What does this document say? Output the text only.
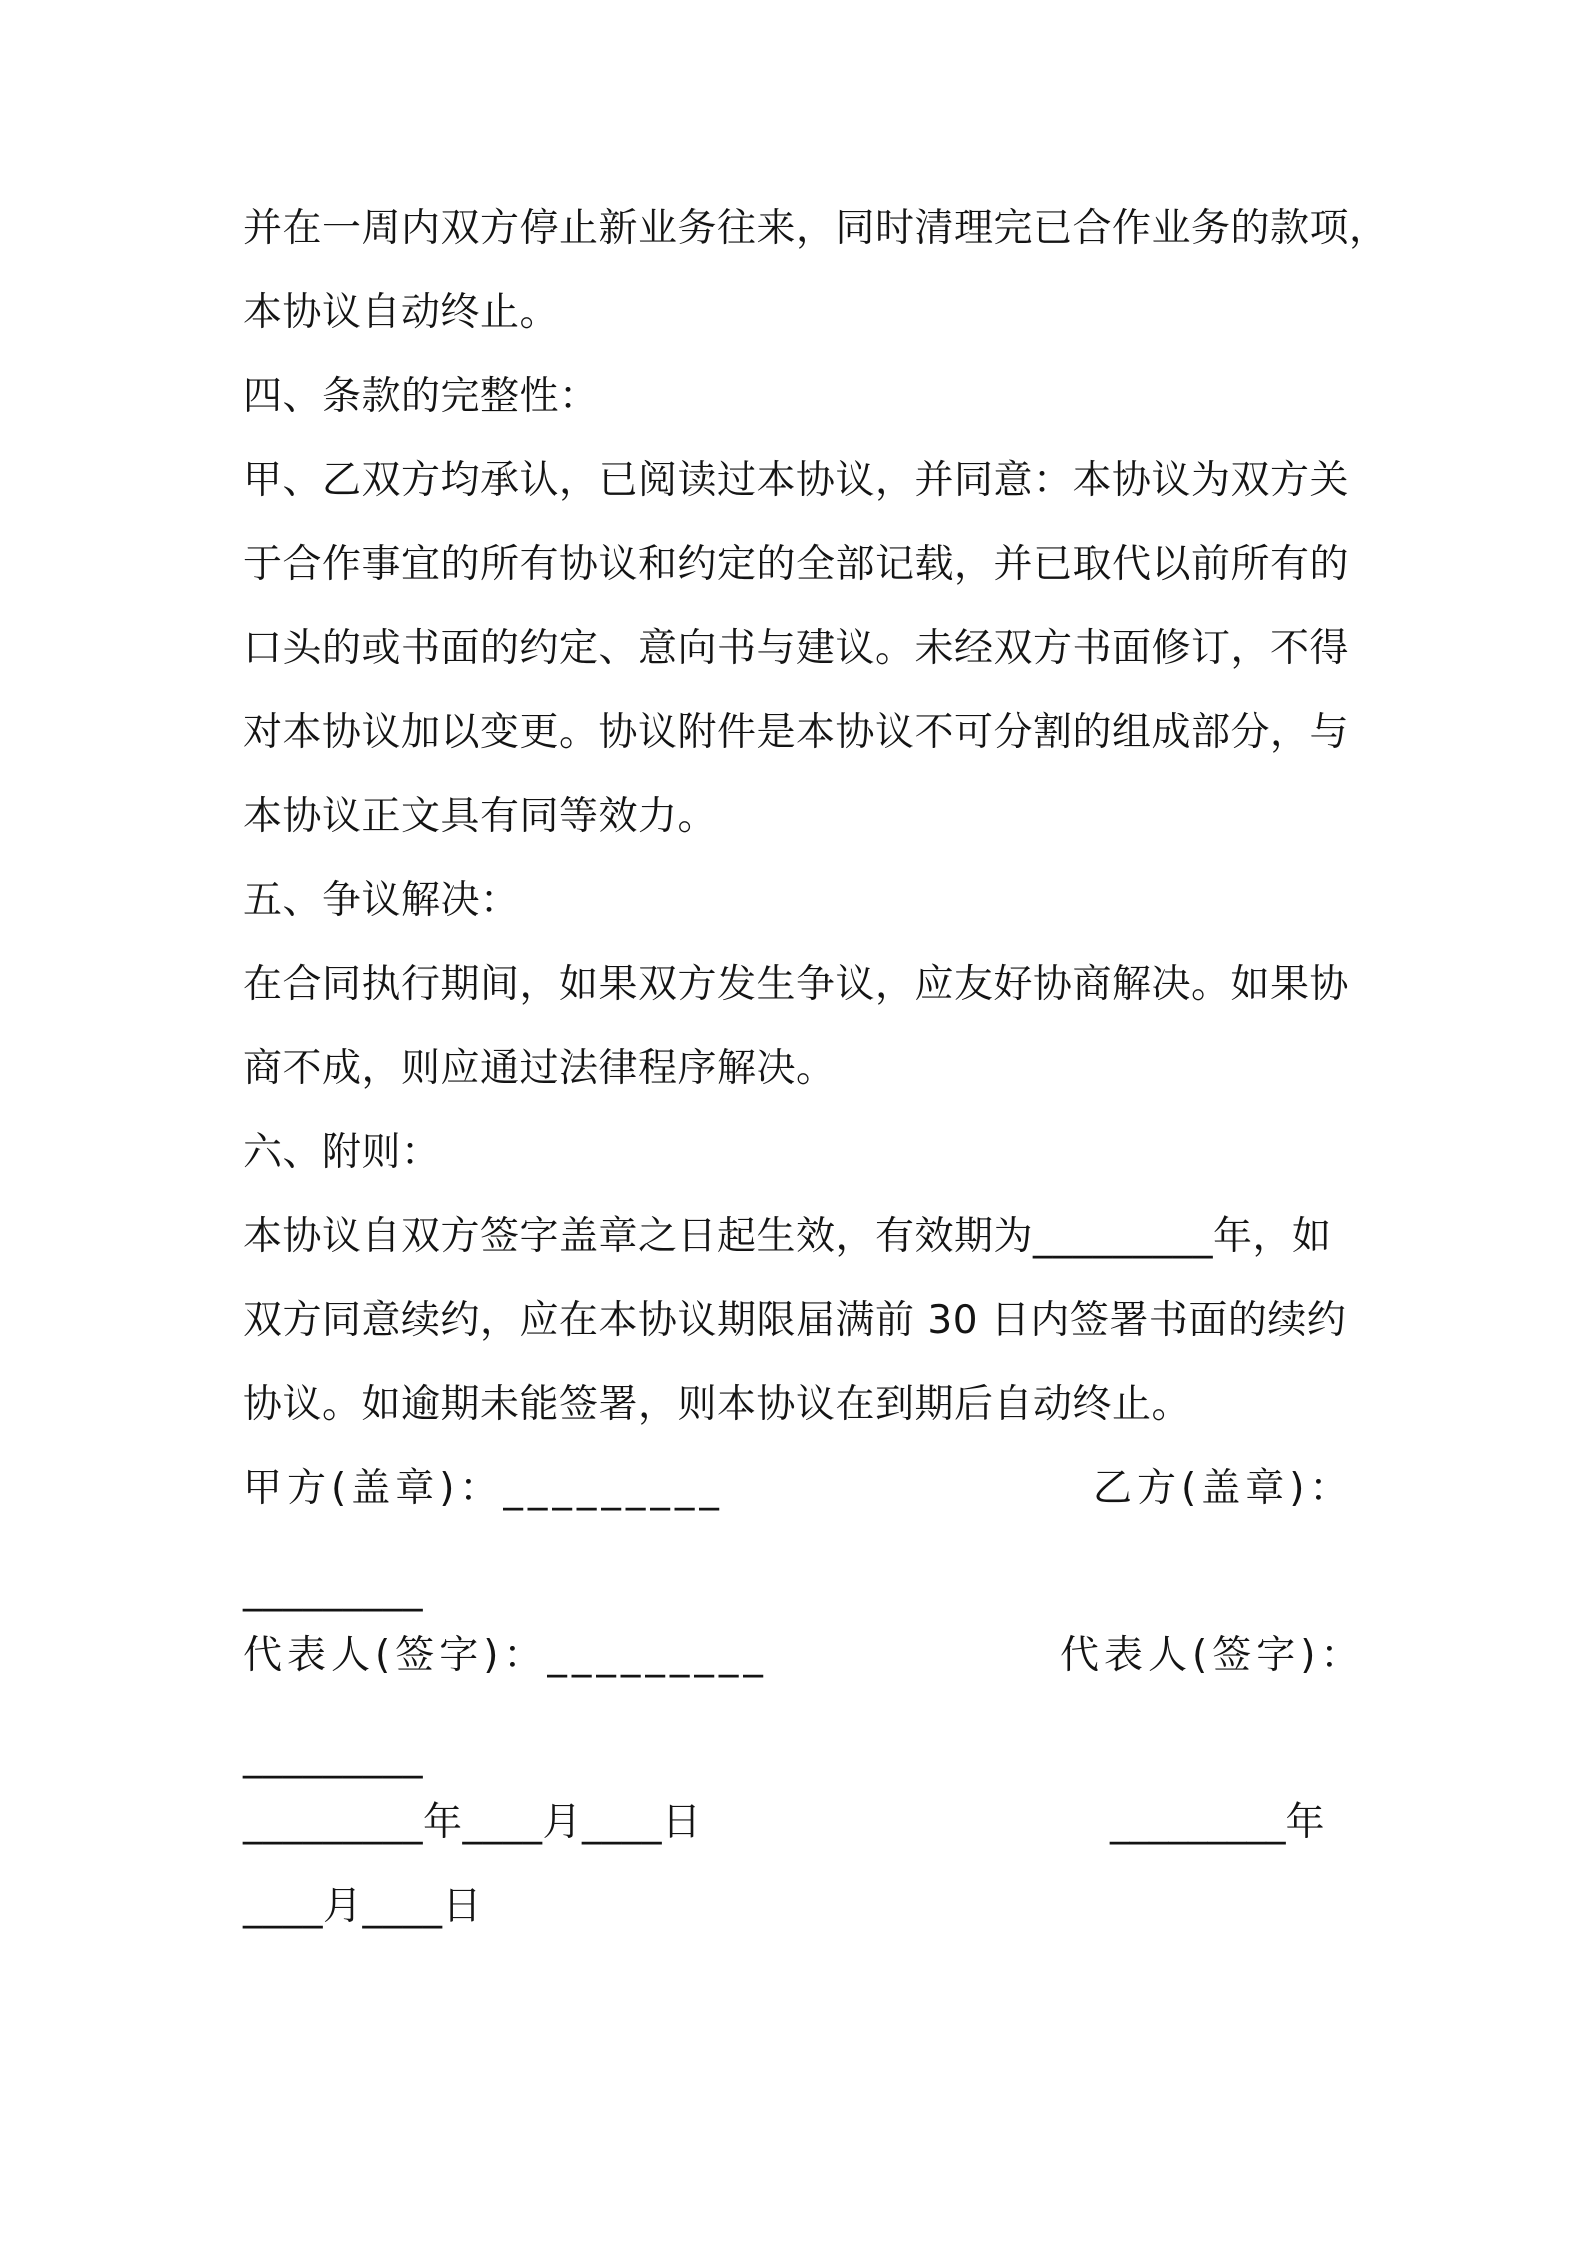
并在一周内双方停止新业务往来，同时清理完已合作业务的款项，
本协议自动终止。
四、条款的完整性：
甲、乙双方均承认，已阅读过本协议，并同意：本协议为双方关
于合作事宜的所有协议和约定的全部记载，并已取代以前所有的
口头的或书面的约定、意向书与建议。未经双方书面修订，不得
对本协议加以变更。协议附件是本协议不可分割的组成部分，与
本协议正文具有同等效力。
五、争议解决：
在合同执行期间，如果双方发生争议，应友好协商解决。如果协
商不成，则应通过法律程序解决。
六、附则：
本协议自双方签字盖章之日起生效，有效期为_________年，如
双方同意续约，应在本协议期限届满前 30 日内签署书面的续约
协议。如逾期未能签署，则本协议在到期后自动终止。
甲方(盖章)：_________	乙方(盖章)：
_________
代表人(签字)：_________	代表人(签字)：
_________
_________年____月____日	_________年
____月____日
